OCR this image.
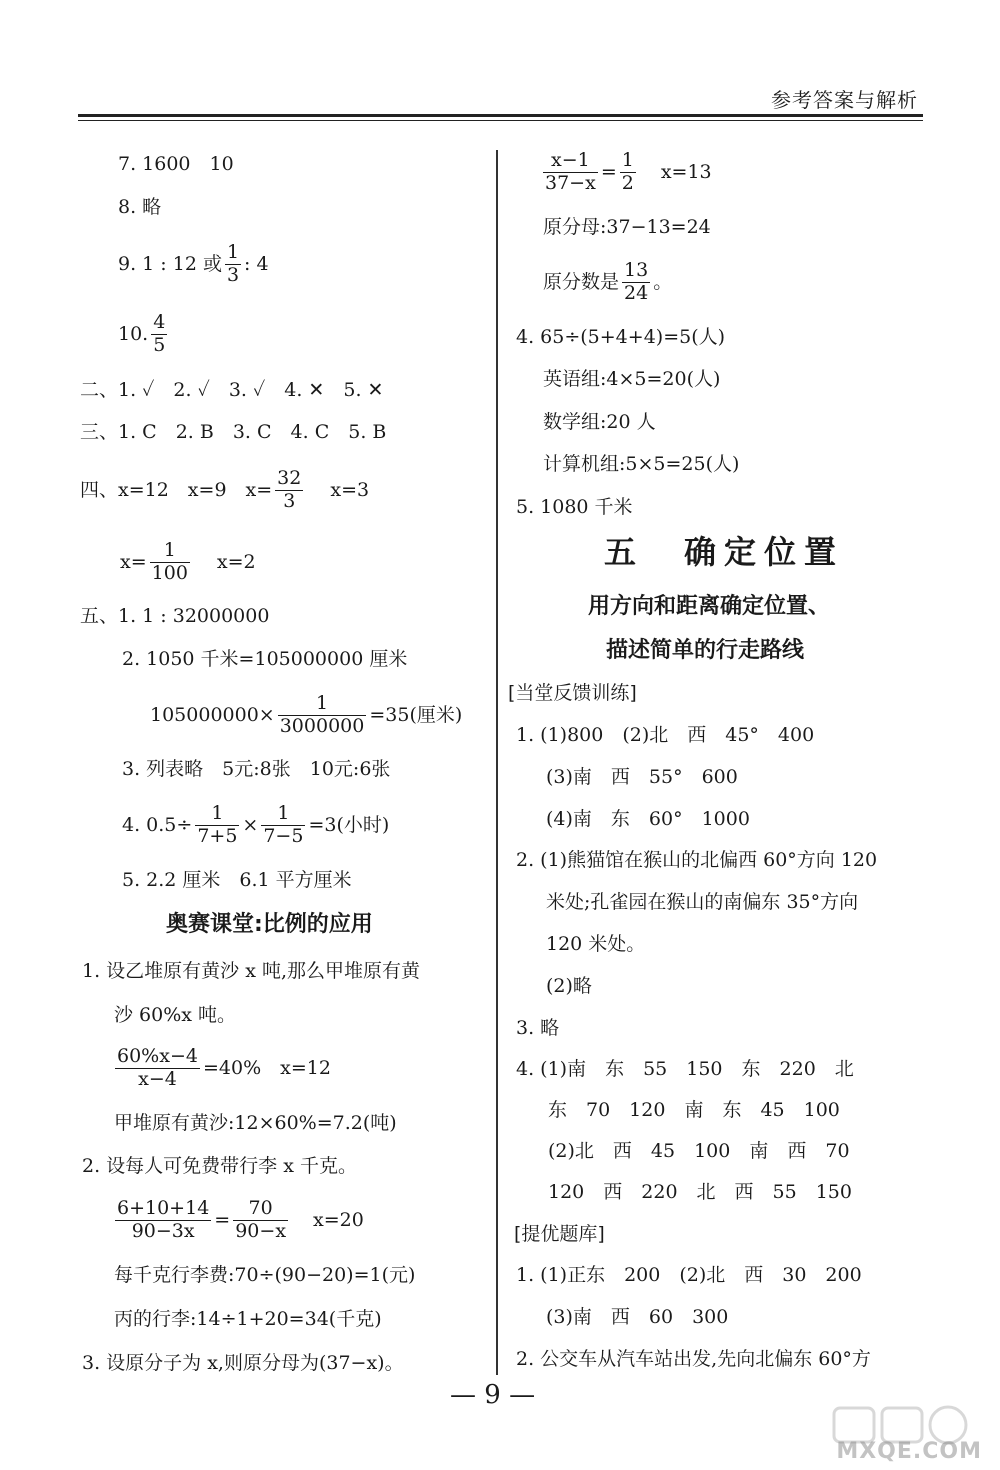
参考答案与解析
7. 1600　10
8. 略
9. 1 : 12 或 $\frac{1}{3}$ : 4
10. $\frac{4}{5}$
二、1. ✓　2. ✓　3. ✓　4. ✕　5. ✕
三、1. C　2. B　3. C　4. C　5. B
四、x=12　x=9　$x= \frac{32}{3} x=3$
$x= \frac{1}{100} x=2$
五、1. 1 : 32000000
2. 1050 千米=105000000 厘米
$105000000\times \frac{1}{3000000} =35$(厘米)
3. 列表略　5元:8张　10元:6张
4. $0.5\div \frac{1}{7+5} \times \frac{1}{7-5} =3$(小时)
5. 2.2 厘米　6.1 平方厘米
奥赛课堂:比例的应用
1. 设乙堆原有黄沙 x 吨,那么甲堆原有黄
沙 60%x 吨。
$\frac{60\%x-4}{x-4} =40\%$　x=12
甲堆原有黄沙:12×60%=7.2(吨)
2. 设每人可免费带行李 x 千克。
$\frac{6+10+14}{90-3x} = \frac{70}{90-x} x=20$
每千克行李费:70÷(90−20)=1(元)
丙的行李:14÷1+20=34(千克)
3. 设原分子为 x,则原分母为(37−x)。
$\frac{x-1}{37-x} = \frac{1}{2} x=13$
原分母:37−13=24
原分数是 $\frac{13}{24}$ 。
4. 65÷(5+4+4)=5(人)
英语组:4×5=20(人)
数学组:20 人
计算机组:5×5=25(人)
5. 1080 千米
五　确定位置
用方向和距离确定位置、
描述简单的行走路线
[当堂反馈训练]
1. (1)800　(2)北　西　45°　400
(3)南　西　55°　600
(4)南　东　60°　1000
2. (1)熊猫馆在猴山的北偏西 60°方向 120
米处;孔雀园在猴山的南偏东 35°方向
120 米处。
(2)略
3. 略
4. (1)南　东　55　150　东　220　北
东　70　120　南　东　45　100
(2)北　西　45　100　南　西　70
120　西　220　北　西　55　150
[提优题库]
1. (1)正东　200　(2)北　西　30　200
(3)南　西　60　300
2. 公交车从汽车站出发,先向北偏东 60°方
— 9 —
MXQE.COM
